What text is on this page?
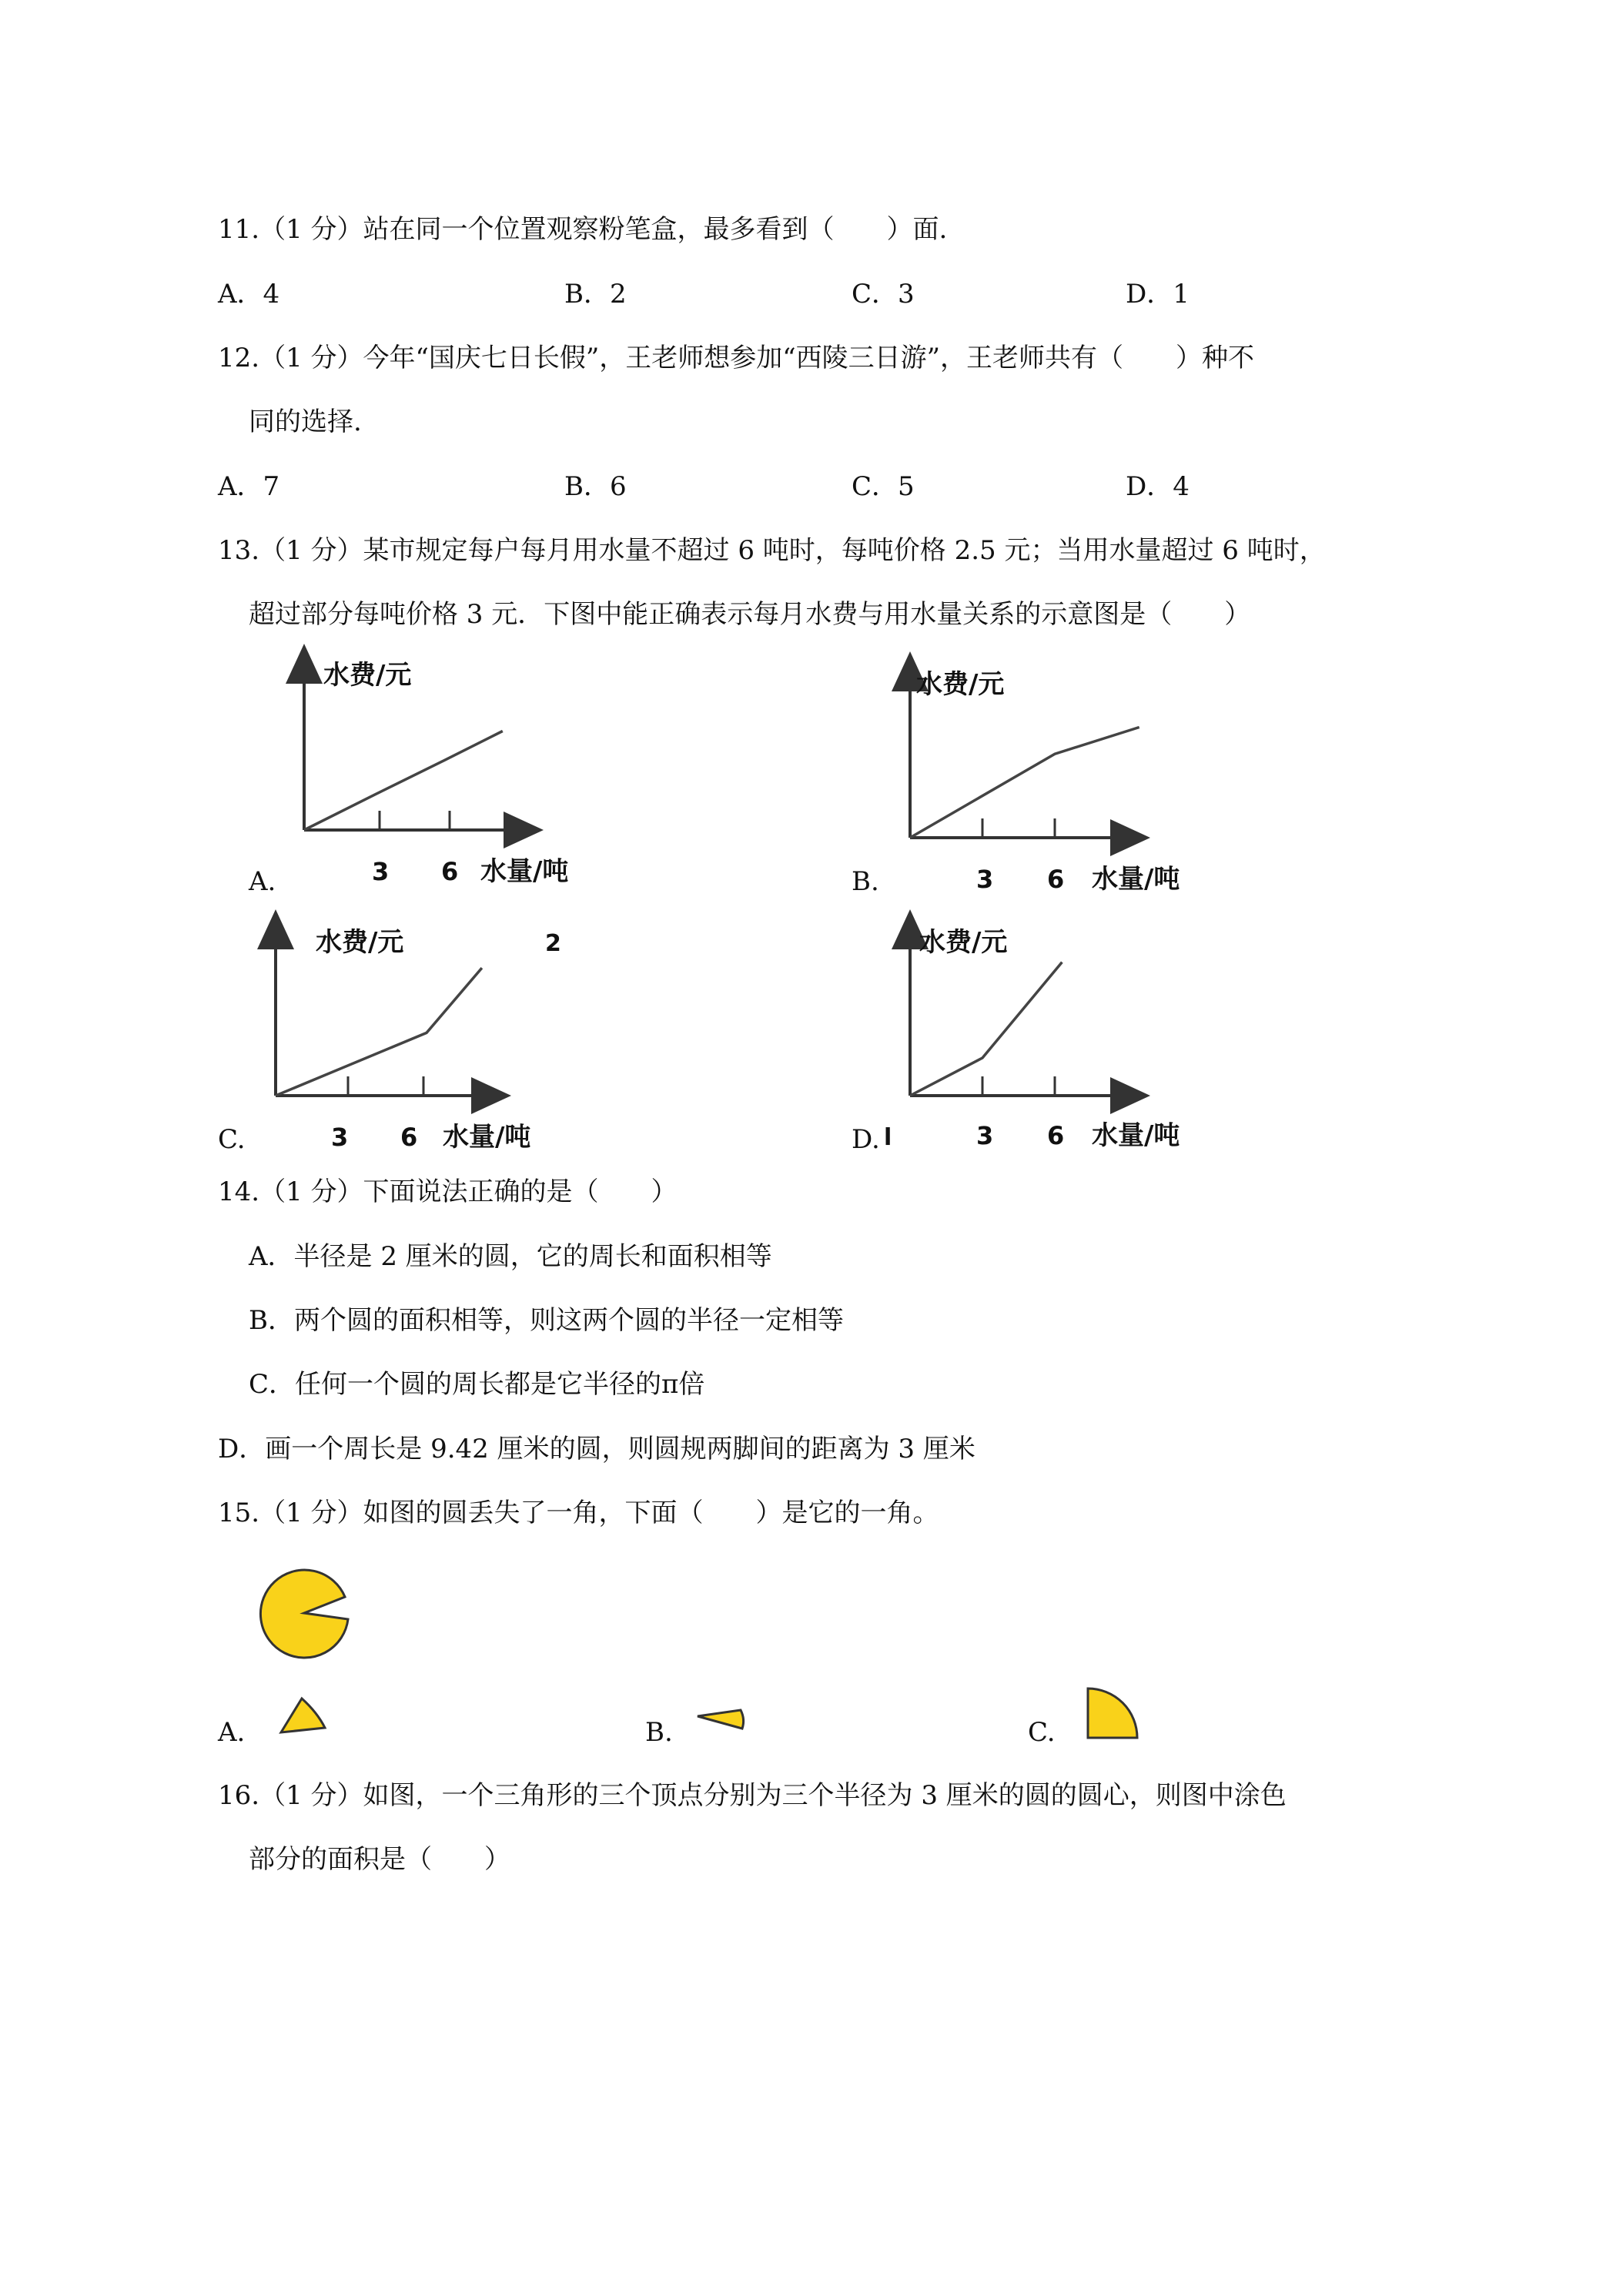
11.（1 分）站在同一个位置观察粉笔盒，最多看到（　　）面.
A．4	B．2	C．3	D．1
12.（1 分）今年“国庆七日长假”，王老师想参加“西陵三日游”，王老师共有（　　）种不
同的选择.
A．7	B．6	C．5	D．4
13.（1 分）某市规定每户每月用水量不超过 6 吨时，每吨价格 2.5 元；当用水量超过 6 吨时，
超过部分每吨价格 3 元．下图中能正确表示每月水费与用水量关系的示意图是（　　）
A.
水费/元
3 6 水量/吨	B.
水费/元
3 6 水量/吨
C.
水费/元	2
3 6 水量/吨	D.
水费/元
l	3 6 水量/吨
14.（1 分）下面说法正确的是（　　）
A．半径是 2 厘米的圆，它的周长和面积相等
B．两个圆的面积相等，则这两个圆的半径一定相等
C．任何一个圆的周长都是它半径的π倍
D．画一个周长是 9.42 厘米的圆，则圆规两脚间的距离为 3 厘米
15.（1 分）如图的圆丢失了一角，下面（　　）是它的一角。
A.	B.	C.
16.（1 分）如图，一个三角形的三个顶点分别为三个半径为 3 厘米的圆的圆心，则图中涂色
部分的面积是（　　）
